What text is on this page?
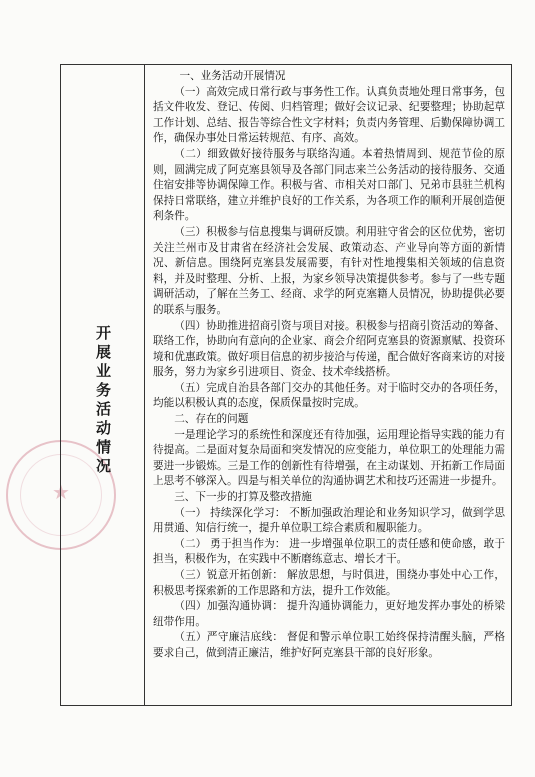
★
开展业务活动情况

一、业务活动开展情况

（一）高效完成日常行政与事务性工作。认真负责地处理日常事务，包括文件收发、登记、传阅、归档管理；做好会议记录、纪要整理；协助起草工作计划、总结、报告等综合性文字材料；负责内务管理、后勤保障协调工作，确保办事处日常运转规范、有序、高效。

（二）细致做好接待服务与联络沟通。本着热情周到、规范节俭的原则，圆满完成了阿克塞县领导及各部门同志来兰公务活动的接待服务、交通住宿安排等协调保障工作。积极与省、市相关对口部门、兄弟市县驻兰机构保持日常联络，建立并维护良好的工作关系，为各项工作的顺利开展创造便利条件。

（三）积极参与信息搜集与调研反馈。利用驻守省会的区位优势，密切关注兰州市及甘肃省在经济社会发展、政策动态、产业导向等方面的新情况、新信息。围绕阿克塞县发展需要，有针对性地搜集相关领域的信息资料，并及时整理、分析、上报，为家乡领导决策提供参考。参与了一些专题调研活动，了解在兰务工、经商、求学的阿克塞籍人员情况，协助提供必要的联系与服务。

（四）协助推进招商引资与项目对接。积极参与招商引资活动的筹备、联络工作，协助向有意向的企业家、商会介绍阿克塞县的资源禀赋、投资环境和优惠政策。做好项目信息的初步接洽与传递，配合做好客商来访的对接服务，努力为家乡引进项目、资金、技术牵线搭桥。

（五）完成自治县各部门交办的其他任务。对于临时交办的各项任务，均能以积极认真的态度，保质保量按时完成。

二、存在的问题

一是理论学习的系统性和深度还有待加强，运用理论指导实践的能力有待提高。二是面对复杂局面和突发情况的应变能力，单位职工的处理能力需要进一步锻炼。三是工作的创新性有待增强，在主动谋划、开拓新工作局面上思考不够深入。四是与相关单位的沟通协调艺术和技巧还需进一步提升。

三、下一步的打算及整改措施

（一） 持续深化学习： 不断加强政治理论和业务知识学习，做到学思用贯通、知信行统一，提升单位职工综合素质和履职能力。

（二） 勇于担当作为： 进一步增强单位职工的责任感和使命感，敢于担当，积极作为，在实践中不断磨练意志、增长才干。

（三）锐意开拓创新： 解放思想，与时俱进，围绕办事处中心工作，积极思考探索新的工作思路和方法，提升工作效能。

（四）加强沟通协调： 提升沟通协调能力，更好地发挥办事处的桥梁纽带作用。

（五）严守廉洁底线： 督促和警示单位职工始终保持清醒头脑，严格要求自己，做到清正廉洁，维护好阿克塞县干部的良好形象。
